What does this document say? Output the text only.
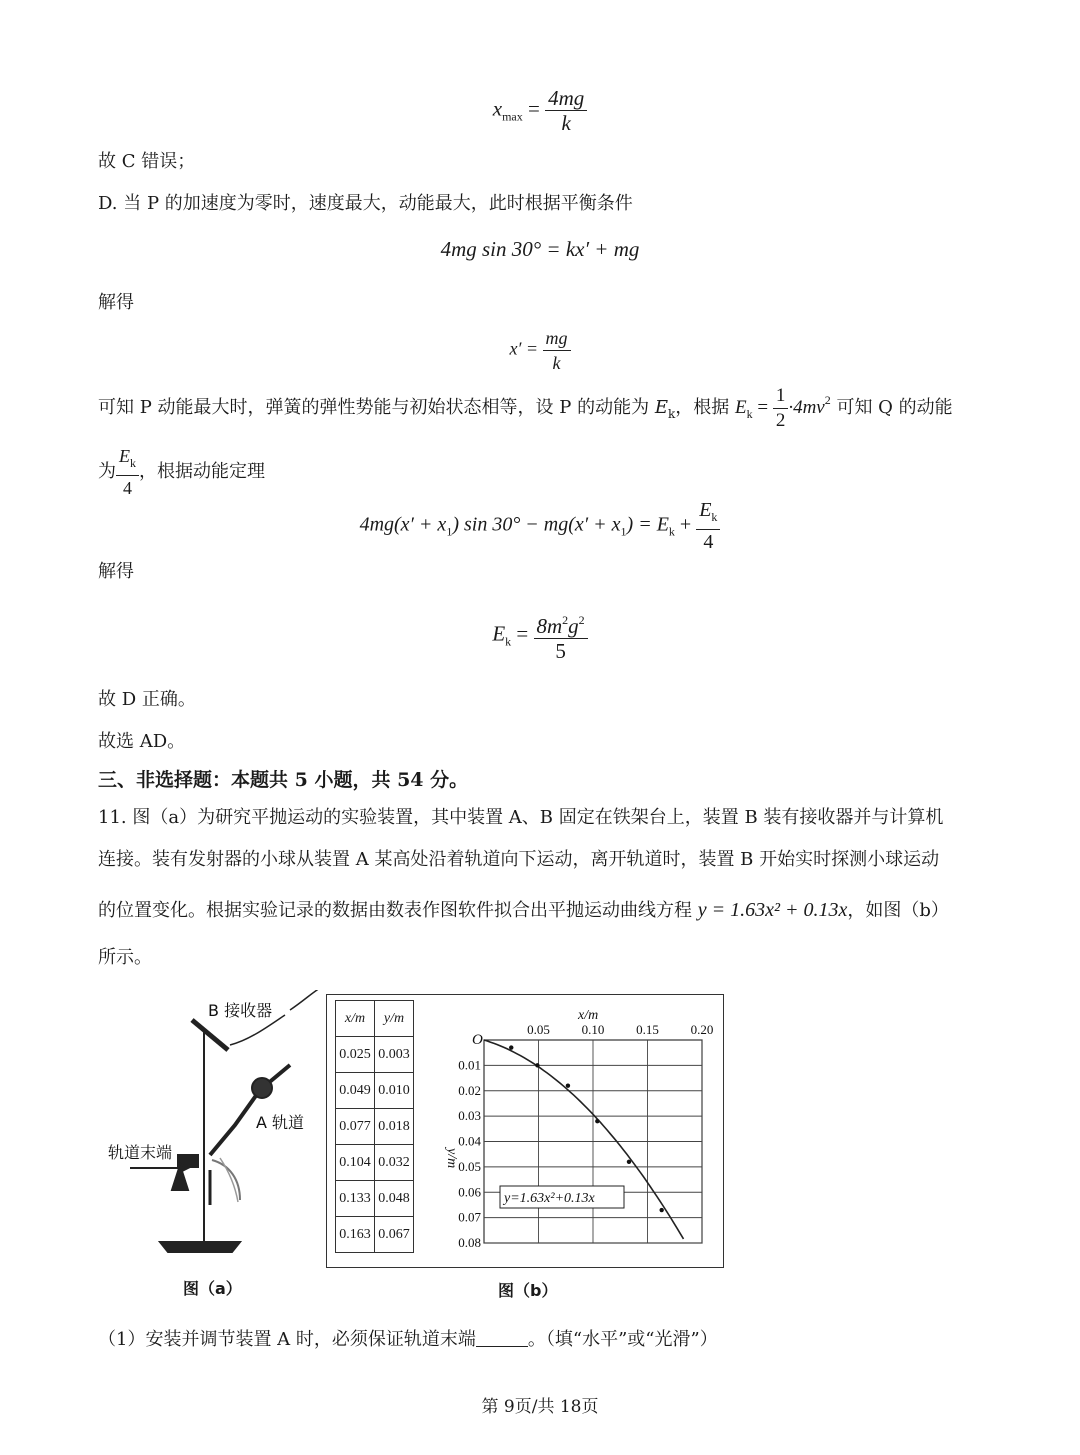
$x_{max} = \frac{4mg}{k}$
故 C 错误；
D. 当 P 的加速度为零时，速度最大，动能最大，此时根据平衡条件
4mg sin 30° = kx′ + mg
解得
$x' = \frac{mg}{k}$
可知 P 动能最大时，弹簧的弹性势能与初始状态相等，设 P 的动能为 $E_k$，根据 $E_k = \frac{1}{2} \cdot 4mv^2$ 可知 Q 的动能
为 $\frac{E_k}{4}$ ，根据动能定理
$4mg(x' + x_1)$ $\sin 30^\circ - mg(x' + x_1) = E_k + \frac{E_k}{4}$
解得
$E_k = \frac{8m^2g^2}{5}$
故 D 正确。
故选 AD。
三、非选择题：本题共 5 小题，共 54 分。
11. 图（a）为研究平抛运动的实验装置，其中装置 A、B 固定在铁架台上，装置 B 装有接收器并与计算机
连接。装有发射器的小球从装置 A 某高处沿着轨道向下运动，离开轨道时，装置 B 开始实时探测小球运动
的位置变化。根据实验记录的数据由数表作图软件拟合出平抛运动曲线方程 y = 1.63x² + 0.13x，如图（b）
所示。
B 接收器
A 轨道
轨道末端
图（a）
x/m	y/m
0.025	0.003
0.049	0.010
0.077	0.018
0.104	0.032
0.133	0.048
0.163	0.067
0.05 0.10 0.15 0.20
0.01
0.02
0.03
0.04
0.05
0.06
0.07
0.08
O
x/m
y/m
y=1.63x²+0.13x
图（b）
（1）安装并调节装置 A 时，必须保证轨道末端	。（填“水平”或“光滑”）
第 9页/共 18页
